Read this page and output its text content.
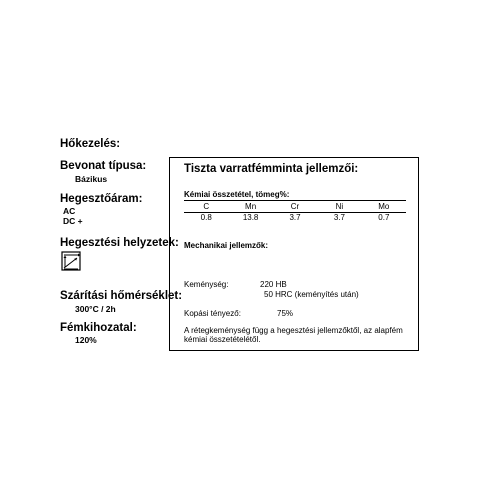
Hőkezelés:
Bevonat típusa:
Bázikus
Hegesztőáram:
AC
DC +
Hegesztési helyzetek:
Szárítási hőmérséklet:
300°C / 2h
Fémkihozatal:
120%
Tiszta varratfémminta jellemzői:
Kémiai összetétel, tömeg%:
C	Mn	Cr	Ni	Mo
0.8	13.8	3.7	3.7	0.7
Mechanikai jellemzők:
Keménység:	220 HB
50 HRC (keményítés után)
Kopási tényező:	75%
A rétegkeménység függ a hegesztési jellemzőktől, az alapfém
kémiai összetételétől.
